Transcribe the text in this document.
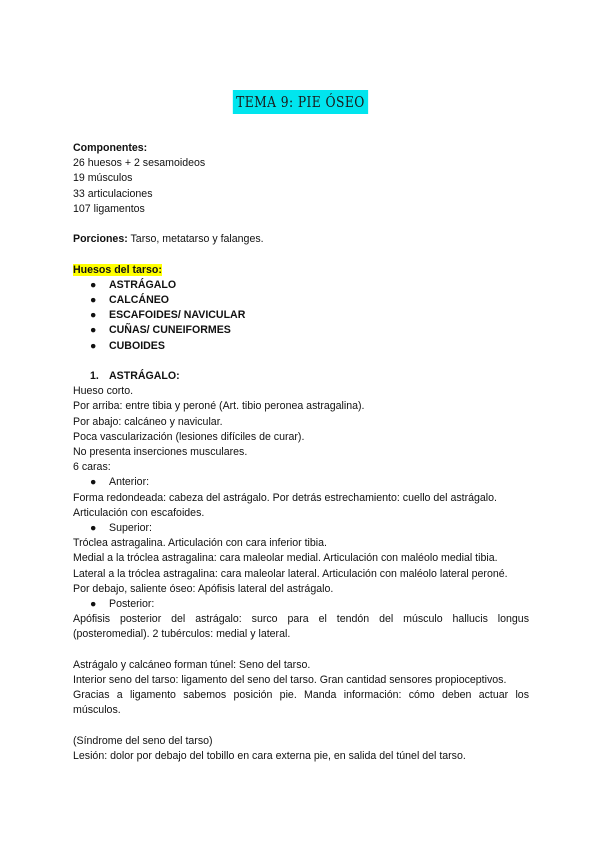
TEMA 9: PIE ÓSEO
Componentes:
26 huesos + 2 sesamoideos
19 músculos
33 articulaciones
107 ligamentos
Porciones: Tarso, metatarso y falanges.
Huesos del tarso:
● ASTRÁGALO
● CALCÁNEO
● ESCAFOIDES/ NAVICULAR
● CUÑAS/ CUNEIFORMES
● CUBOIDES
1. ASTRÁGALO:
Hueso corto.
Por arriba: entre tibia y peroné (Art. tibio peronea astragalina).
Por abajo: calcáneo y navicular.
Poca vascularización (lesiones difíciles de curar).
No presenta inserciones musculares.
6 caras:
● Anterior:
Forma redondeada: cabeza del astrágalo. Por detrás estrechamiento: cuello del astrágalo.
Articulación con escafoides.
● Superior:
Tróclea astragalina. Articulación con cara inferior tibia.
Medial a la tróclea astragalina: cara maleolar medial. Articulación con maléolo medial tibia.
Lateral a la tróclea astragalina: cara maleolar lateral. Articulación con maléolo lateral peroné.
Por debajo, saliente óseo: Apófisis lateral del astrágalo.
● Posterior:
Apófisis posterior del astrágalo: surco para el tendón del músculo hallucis longus (posteromedial). 2 tubérculos: medial y lateral.
Astrágalo y calcáneo forman túnel: Seno del tarso.
Interior seno del tarso: ligamento del seno del tarso. Gran cantidad sensores propioceptivos.
Gracias a ligamento sabemos posición pie. Manda información: cómo deben actuar los músculos.
(Síndrome del seno del tarso)
Lesión: dolor por debajo del tobillo en cara externa pie, en salida del túnel del tarso.
